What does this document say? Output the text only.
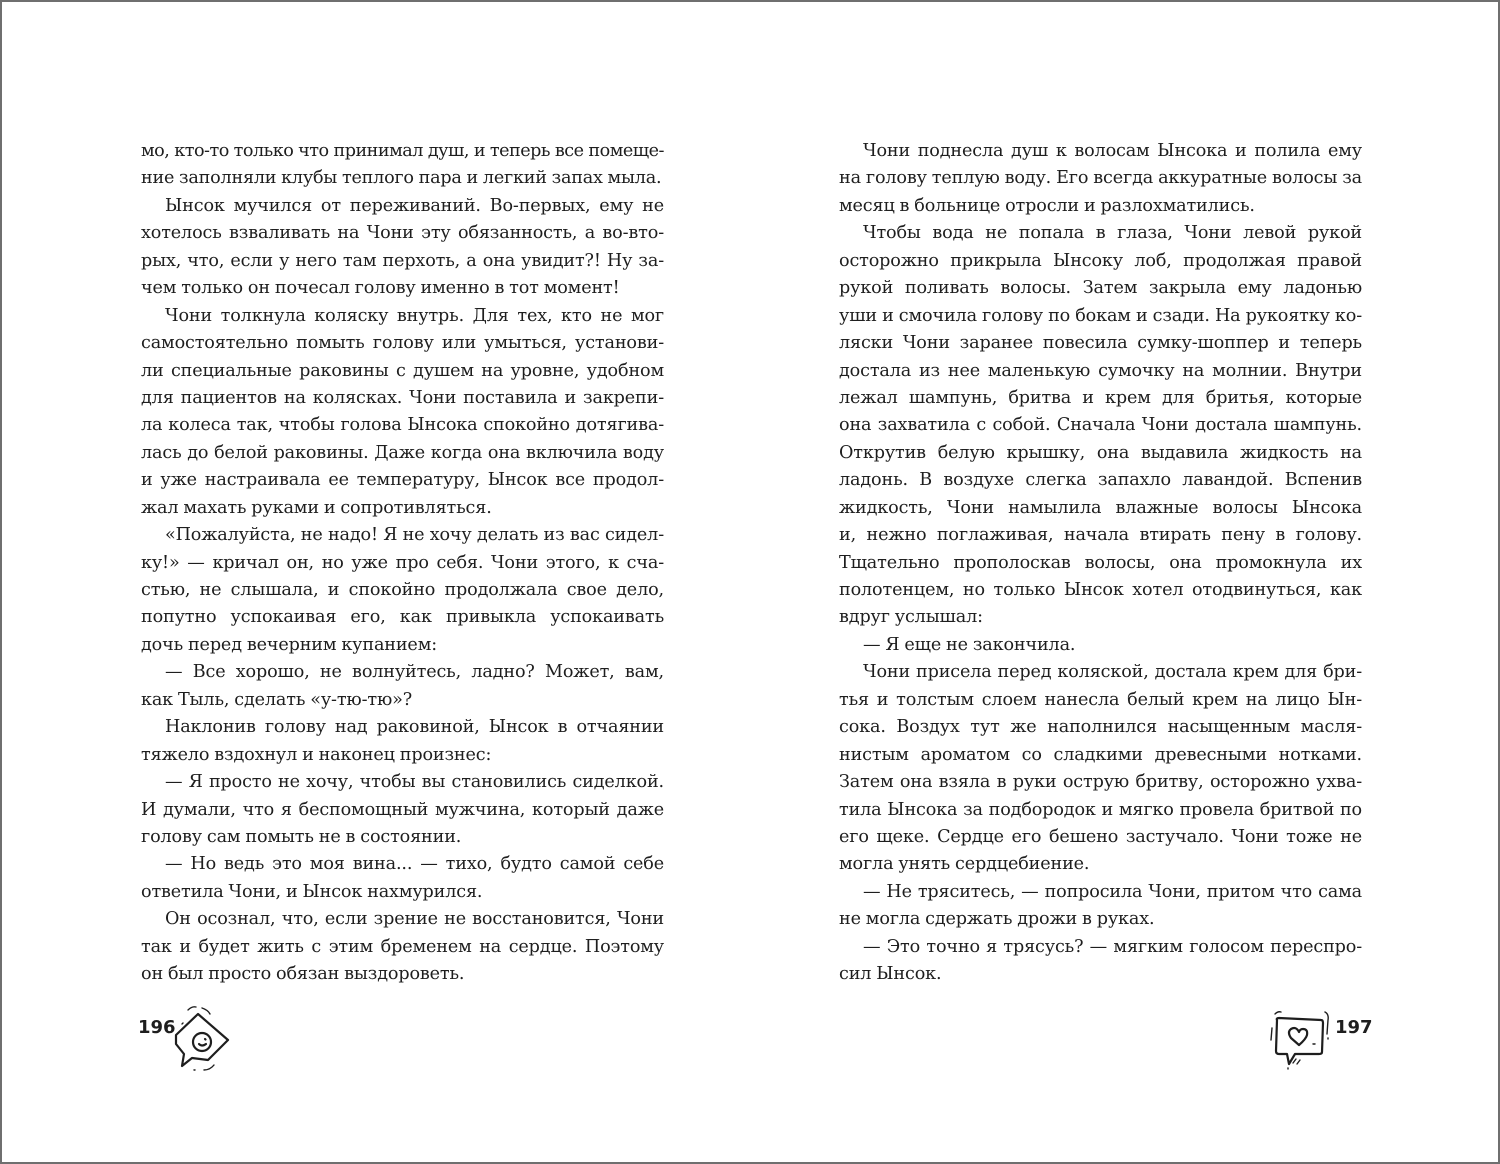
мо, кто-то только что принимал душ, и теперь все помеще-
ние заполняли клубы теплого пара и легкий запах мыла.
Ынсок мучился от переживаний. Во-первых, ему не
хотелось взваливать на Чони эту обязанность, а во-вто-
рых, что, если у него там перхоть, а она увидит?! Ну за-
чем только он почесал голову именно в тот момент!
Чони толкнула коляску внутрь. Для тех, кто не мог
самостоятельно помыть голову или умыться, установи-
ли специальные раковины с душем на уровне, удобном
для пациентов на колясках. Чони поставила и закрепи-
ла колеса так, чтобы голова Ынсока спокойно дотягива-
лась до белой раковины. Даже когда она включила воду
и уже настраивала ее температуру, Ынсок все продол-
жал махать руками и сопротивляться.
«Пожалуйста, не надо! Я не хочу делать из вас сидел-
ку!» — кричал он, но уже про себя. Чони этого, к сча-
стью, не слышала, и спокойно продолжала свое дело,
попутно успокаивая его, как привыкла успокаивать
дочь перед вечерним купанием:
— Все хорошо, не волнуйтесь, ладно? Может, вам,
как Тыль, сделать «у-тю-тю»?
Наклонив голову над раковиной, Ынсок в отчаянии
тяжело вздохнул и наконец произнес:
— Я просто не хочу, чтобы вы становились сиделкой.
И думали, что я беспомощный мужчина, который даже
голову сам помыть не в состоянии.
— Но ведь это моя вина... — тихо, будто самой себе
ответила Чони, и Ынсок нахмурился.
Он осознал, что, если зрение не восстановится, Чони
так и будет жить с этим бременем на сердце. Поэтому
он был просто обязан выздороветь.
Чони поднесла душ к волосам Ынсока и полила ему
на голову теплую воду. Его всегда аккуратные волосы за
месяц в больнице отросли и разлохматились.
Чтобы вода не попала в глаза, Чони левой рукой
осторожно прикрыла Ынсоку лоб, продолжая правой
рукой поливать волосы. Затем закрыла ему ладонью
уши и смочила голову по бокам и сзади. На рукоятку ко-
ляски Чони заранее повесила сумку-шоппер и теперь
достала из нее маленькую сумочку на молнии. Внутри
лежал шампунь, бритва и крем для бритья, которые
она захватила с собой. Сначала Чони достала шампунь.
Открутив белую крышку, она выдавила жидкость на
ладонь. В воздухе слегка запахло лавандой. Вспенив
жидкость, Чони намылила влажные волосы Ынсока
и, нежно поглаживая, начала втирать пену в голову.
Тщательно прополоскав волосы, она промокнула их
полотенцем, но только Ынсок хотел отодвинуться, как
вдруг услышал:
— Я еще не закончила.
Чони присела перед коляской, достала крем для бри-
тья и толстым слоем нанесла белый крем на лицо Ын-
сока. Воздух тут же наполнился насыщенным масля-
нистым ароматом со сладкими древесными нотками.
Затем она взяла в руки острую бритву, осторожно ухва-
тила Ынсока за подбородок и мягко провела бритвой по
его щеке. Сердце его бешено застучало. Чони тоже не
могла унять сердцебиение.
— Не тряситесь, — попросила Чони, притом что сама
не могла сдержать дрожи в руках.
— Это точно я трясусь? — мягким голосом переспро-
сил Ынсок.
196	197
